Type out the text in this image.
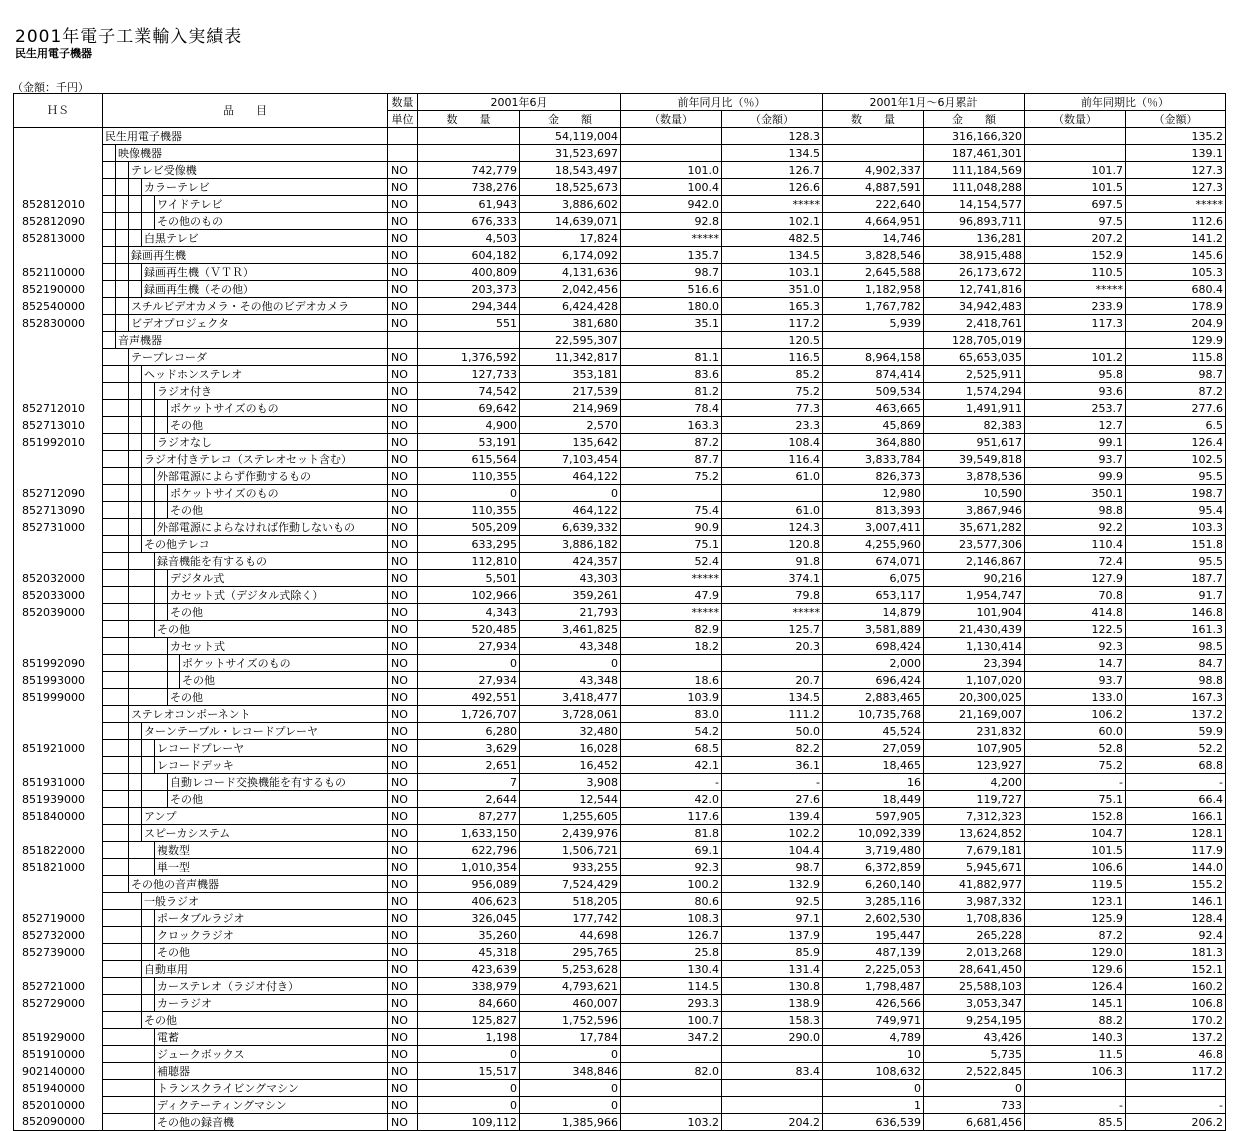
2001年電子工業輸入実績表
民生用電子機器
（金額：千円）
ＨＳ	品　　目							数量	2001年6月		前年同月比（％）		2001年1月～6月累計		前年同期比（％）	
								単位	数　　量	金　　額	（数量）	（金額）	数　　量	金　　額	（数量）	（金額）
	民生用電子機器									54,119,004		128.3		316,166,320		135.2
		映像機器								31,523,697		134.5		187,461,301		139.1
			テレビ受像機					NO	742,779	18,543,497	101.0	126.7	4,902,337	111,184,569	101.7	127.3
				カラーテレビ				NO	738,276	18,525,673	100.4	126.6	4,887,591	111,048,288	101.5	127.3
852812010					ワイドテレビ			NO	61,943	3,886,602	942.0	*****	222,640	14,154,577	697.5	*****
852812090					その他のもの			NO	676,333	14,639,071	92.8	102.1	4,664,951	96,893,711	97.5	112.6
852813000				白黒テレビ				NO	4,503	17,824	*****	482.5	14,746	136,281	207.2	141.2
			録画再生機					NO	604,182	6,174,092	135.7	134.5	3,828,546	38,915,488	152.9	145.6
852110000				録画再生機（ＶＴＲ）				NO	400,809	4,131,636	98.7	103.1	2,645,588	26,173,672	110.5	105.3
852190000				録画再生機（その他）				NO	203,373	2,042,456	516.6	351.0	1,182,958	12,741,816	*****	680.4
852540000			スチルビデオカメラ・その他のビデオカメラ					NO	294,344	6,424,428	180.0	165.3	1,767,782	34,942,483	233.9	178.9
852830000			ビデオプロジェクタ					NO	551	381,680	35.1	117.2	5,939	2,418,761	117.3	204.9
		音声機器								22,595,307		120.5		128,705,019		129.9
			テープレコーダ					NO	1,376,592	11,342,817	81.1	116.5	8,964,158	65,653,035	101.2	115.8
				ヘッドホンステレオ				NO	127,733	353,181	83.6	85.2	874,414	2,525,911	95.8	98.7
					ラジオ付き			NO	74,542	217,539	81.2	75.2	509,534	1,574,294	93.6	87.2
852712010						ポケットサイズのもの		NO	69,642	214,969	78.4	77.3	463,665	1,491,911	253.7	277.6
852713010						その他		NO	4,900	2,570	163.3	23.3	45,869	82,383	12.7	6.5
851992010					ラジオなし			NO	53,191	135,642	87.2	108.4	364,880	951,617	99.1	126.4
				ラジオ付きテレコ（ステレオセット含む）				NO	615,564	7,103,454	87.7	116.4	3,833,784	39,549,818	93.7	102.5
					外部電源によらず作動するもの			NO	110,355	464,122	75.2	61.0	826,373	3,878,536	99.9	95.5
852712090						ポケットサイズのもの		NO	0	0			12,980	10,590	350.1	198.7
852713090						その他		NO	110,355	464,122	75.4	61.0	813,393	3,867,946	98.8	95.4
852731000					外部電源によらなければ作動しないもの			NO	505,209	6,639,332	90.9	124.3	3,007,411	35,671,282	92.2	103.3
				その他テレコ				NO	633,295	3,886,182	75.1	120.8	4,255,960	23,577,306	110.4	151.8
					録音機能を有するもの			NO	112,810	424,357	52.4	91.8	674,071	2,146,867	72.4	95.5
852032000						デジタル式		NO	5,501	43,303	*****	374.1	6,075	90,216	127.9	187.7
852033000						カセット式（デジタル式除く）		NO	102,966	359,261	47.9	79.8	653,117	1,954,747	70.8	91.7
852039000						その他		NO	4,343	21,793	*****	*****	14,879	101,904	414.8	146.8
					その他			NO	520,485	3,461,825	82.9	125.7	3,581,889	21,430,439	122.5	161.3
						カセット式		NO	27,934	43,348	18.2	20.3	698,424	1,130,414	92.3	98.5
851992090							ポケットサイズのもの	NO	0	0			2,000	23,394	14.7	84.7
851993000							その他	NO	27,934	43,348	18.6	20.7	696,424	1,107,020	93.7	98.8
851999000						その他		NO	492,551	3,418,477	103.9	134.5	2,883,465	20,300,025	133.0	167.3
			ステレオコンポーネント					NO	1,726,707	3,728,061	83.0	111.2	10,735,768	21,169,007	106.2	137.2
				ターンテーブル・レコードプレーヤ				NO	6,280	32,480	54.2	50.0	45,524	231,832	60.0	59.9
851921000					レコードプレーヤ			NO	3,629	16,028	68.5	82.2	27,059	107,905	52.8	52.2
					レコードデッキ			NO	2,651	16,452	42.1	36.1	18,465	123,927	75.2	68.8
851931000						自動レコード交換機能を有するもの		NO	7	3,908	-	-	16	4,200	-	-
851939000						その他		NO	2,644	12,544	42.0	27.6	18,449	119,727	75.1	66.4
851840000				アンプ				NO	87,277	1,255,605	117.6	139.4	597,905	7,312,323	152.8	166.1
				スピーカシステム				NO	1,633,150	2,439,976	81.8	102.2	10,092,339	13,624,852	104.7	128.1
851822000					複数型			NO	622,796	1,506,721	69.1	104.4	3,719,480	7,679,181	101.5	117.9
851821000					単一型			NO	1,010,354	933,255	92.3	98.7	6,372,859	5,945,671	106.6	144.0
			その他の音声機器					NO	956,089	7,524,429	100.2	132.9	6,260,140	41,882,977	119.5	155.2
				一般ラジオ				NO	406,623	518,205	80.6	92.5	3,285,116	3,987,332	123.1	146.1
852719000					ポータブルラジオ			NO	326,045	177,742	108.3	97.1	2,602,530	1,708,836	125.9	128.4
852732000					クロックラジオ			NO	35,260	44,698	126.7	137.9	195,447	265,228	87.2	92.4
852739000					その他			NO	45,318	295,765	25.8	85.9	487,139	2,013,268	129.0	181.3
				自動車用				NO	423,639	5,253,628	130.4	131.4	2,225,053	28,641,450	129.6	152.1
852721000					カーステレオ（ラジオ付き）			NO	338,979	4,793,621	114.5	130.8	1,798,487	25,588,103	126.4	160.2
852729000					カーラジオ			NO	84,660	460,007	293.3	138.9	426,566	3,053,347	145.1	106.8
				その他				NO	125,827	1,752,596	100.7	158.3	749,971	9,254,195	88.2	170.2
851929000					電蓄			NO	1,198	17,784	347.2	290.0	4,789	43,426	140.3	137.2
851910000					ジュークボックス			NO	0	0			10	5,735	11.5	46.8
902140000					補聴器			NO	15,517	348,846	82.0	83.4	108,632	2,522,845	106.3	117.2
851940000					トランスクライビングマシン			NO	0	0			0	0		
852010000					ディクテーティングマシン			NO	0	0			1	733	-	-
852090000					その他の録音機			NO	109,112	1,385,966	103.2	204.2	636,539	6,681,456	85.5	206.2
